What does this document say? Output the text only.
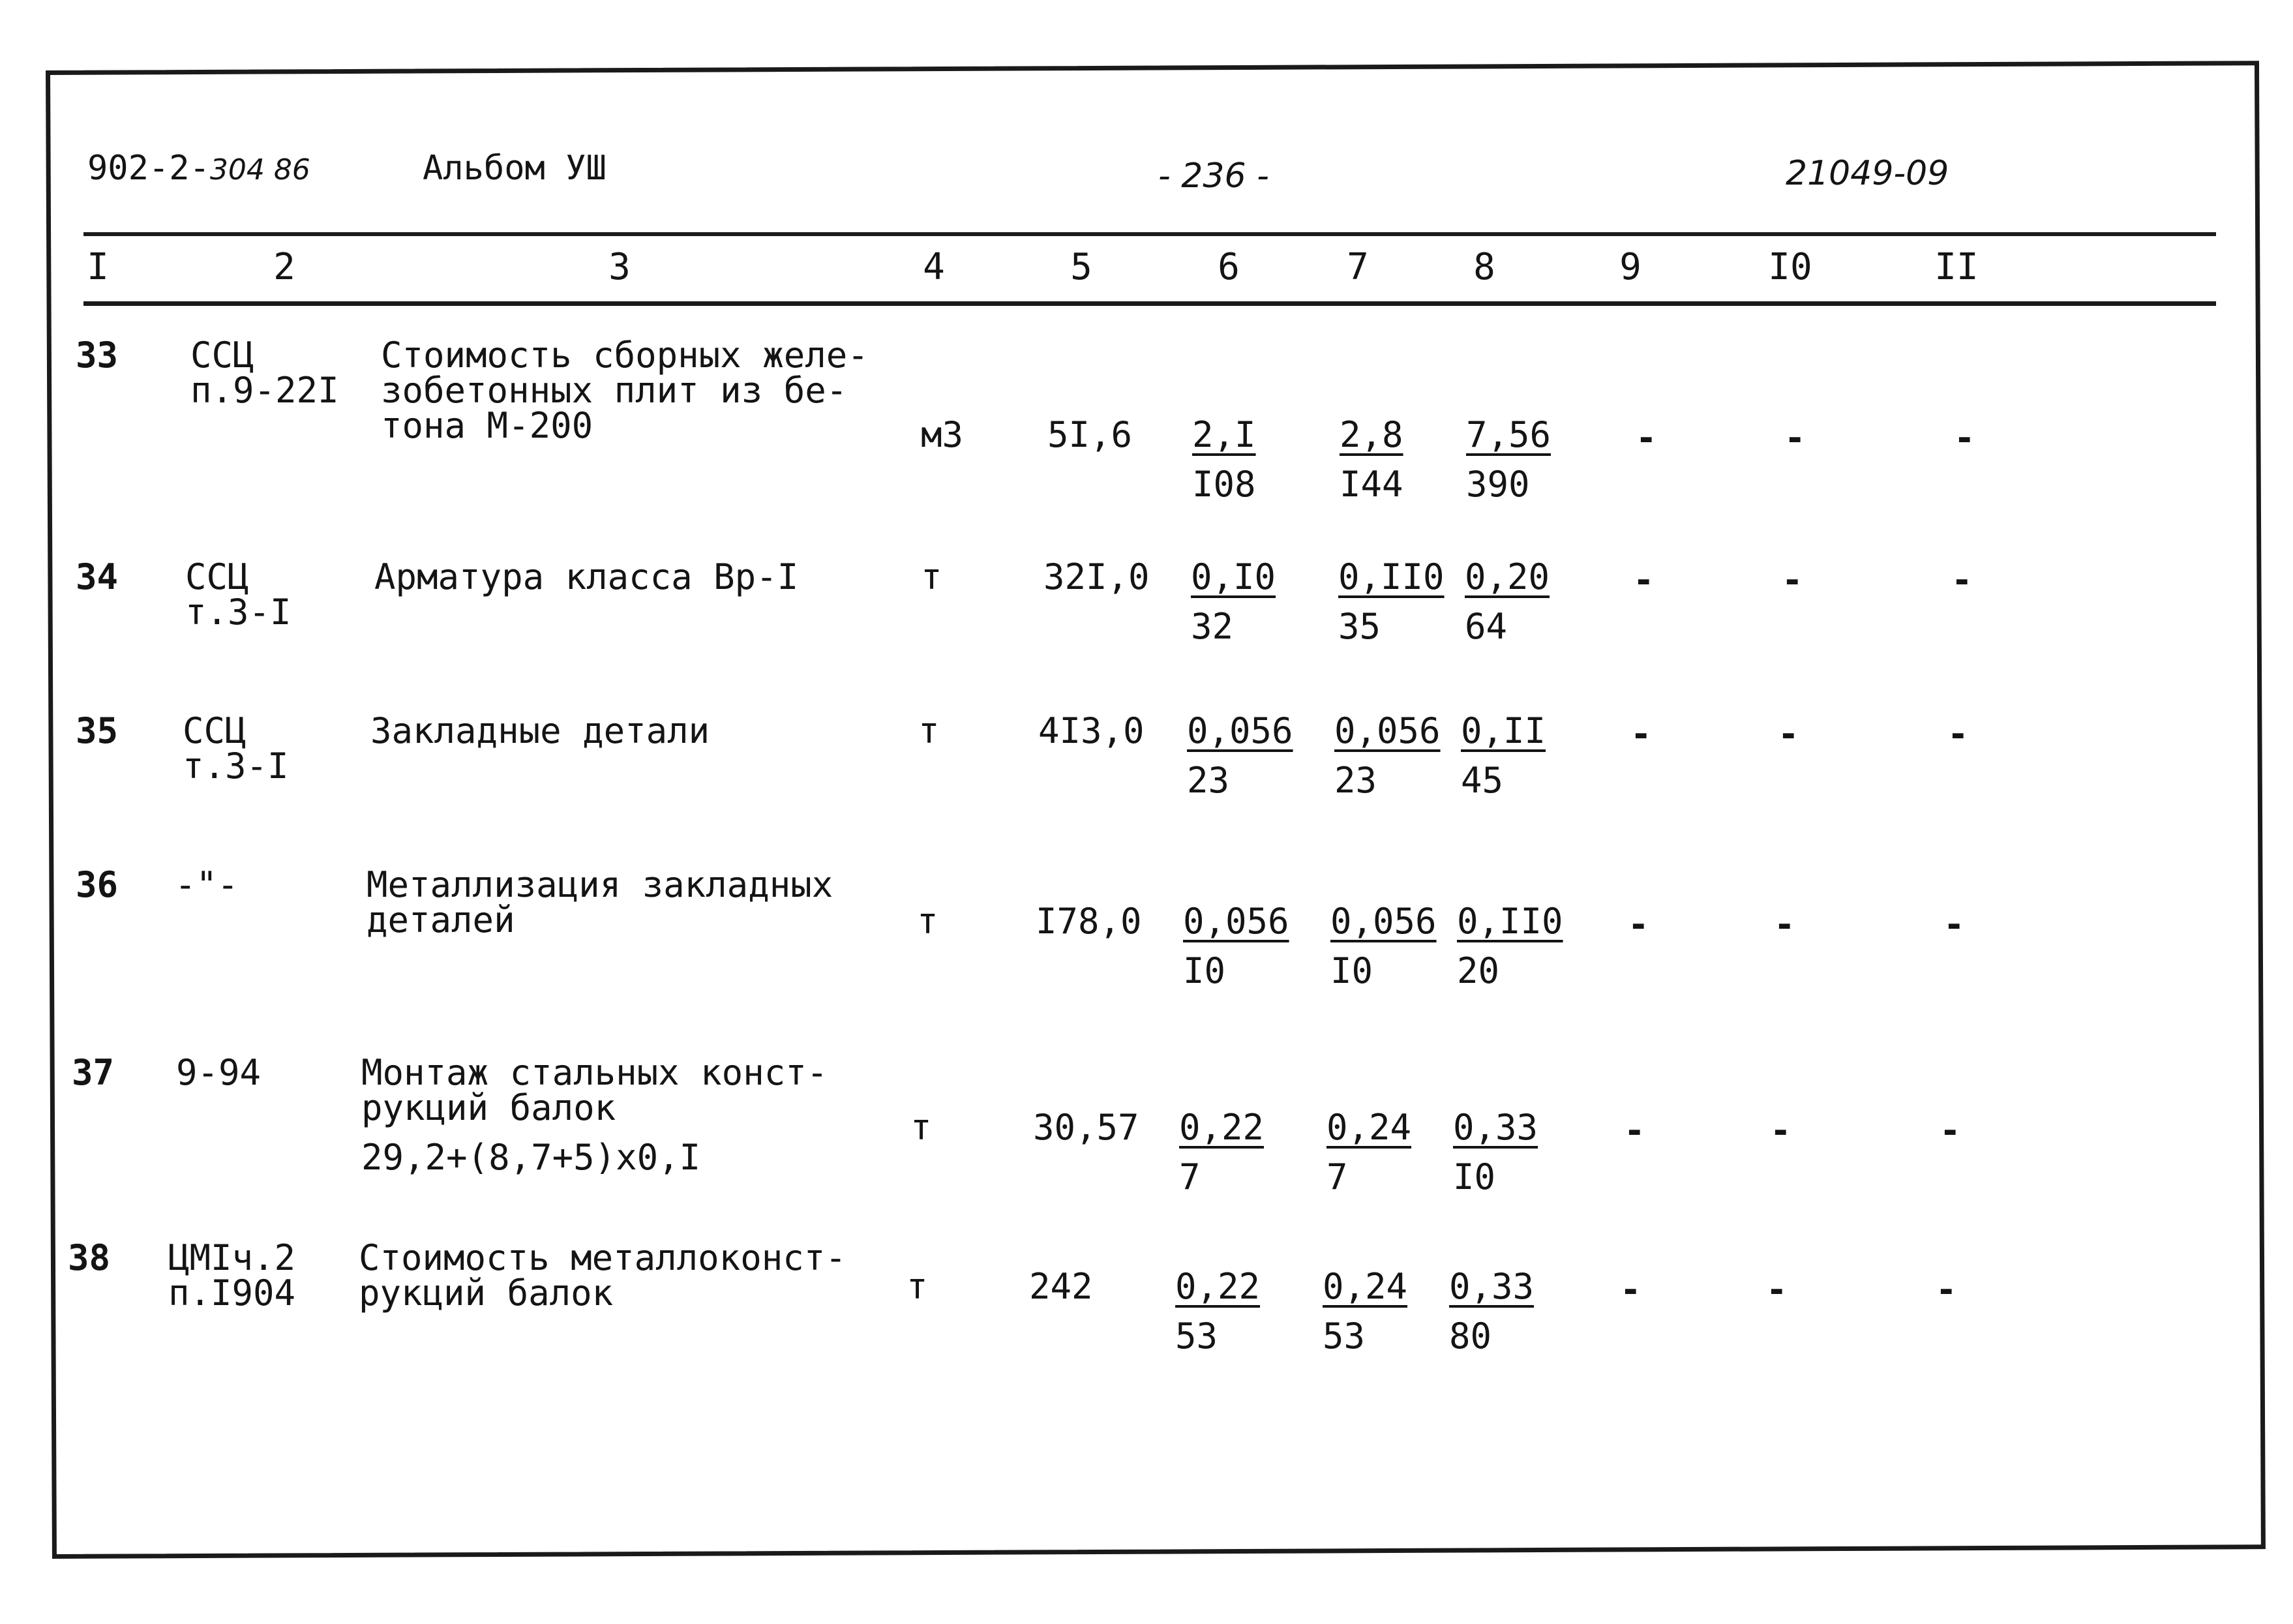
902-2-304 86	Альбом УШ	- 236 -	21049-09
I	2	3	4	5	6	7	8	9	I0	II
33 ССЦ
п.9-22I
Стоимость сборных желе-
зобетонных плит из бе-
тона М-200	м3 $5I,6 \frac{2,I}{I08} \frac{2,8}{I44} \frac{7,56}{390}$ -	-	-
34 ССЦ
т.3-I
Арматура класса Вр-I	т	$32I,0 \frac{0,I0}{32} \frac{0,II0}{35} \frac{0,20}{64}$ -	-	-
35 ССЦ
т.3-I
Закладные детали	т	$4I3,0 \frac{0,056}{23} \frac{0,056}{23} \frac{0,II}{45}$ -	-	-
36 -"-	Металлизация закладных
деталей	т	$I78,0 \frac{0,056}{I0} \frac{0,056}{I0} \frac{0,II0}{20}$ -	-	-
37 9-94	Монтаж стальных конст-
рукций балок
29,2+(8,7+5)х0,I
т	$30,57 \frac{0,22}{7} \frac{0,24}{7} \frac{0,33}{I0}$ -	-	-
38 ЦМIч.2
п.I904
Стоимость металлоконст-
рукций балок	т	$242 \frac{0,22}{53} \frac{0,24}{53} \frac{0,33}{80}$ -	-	-
